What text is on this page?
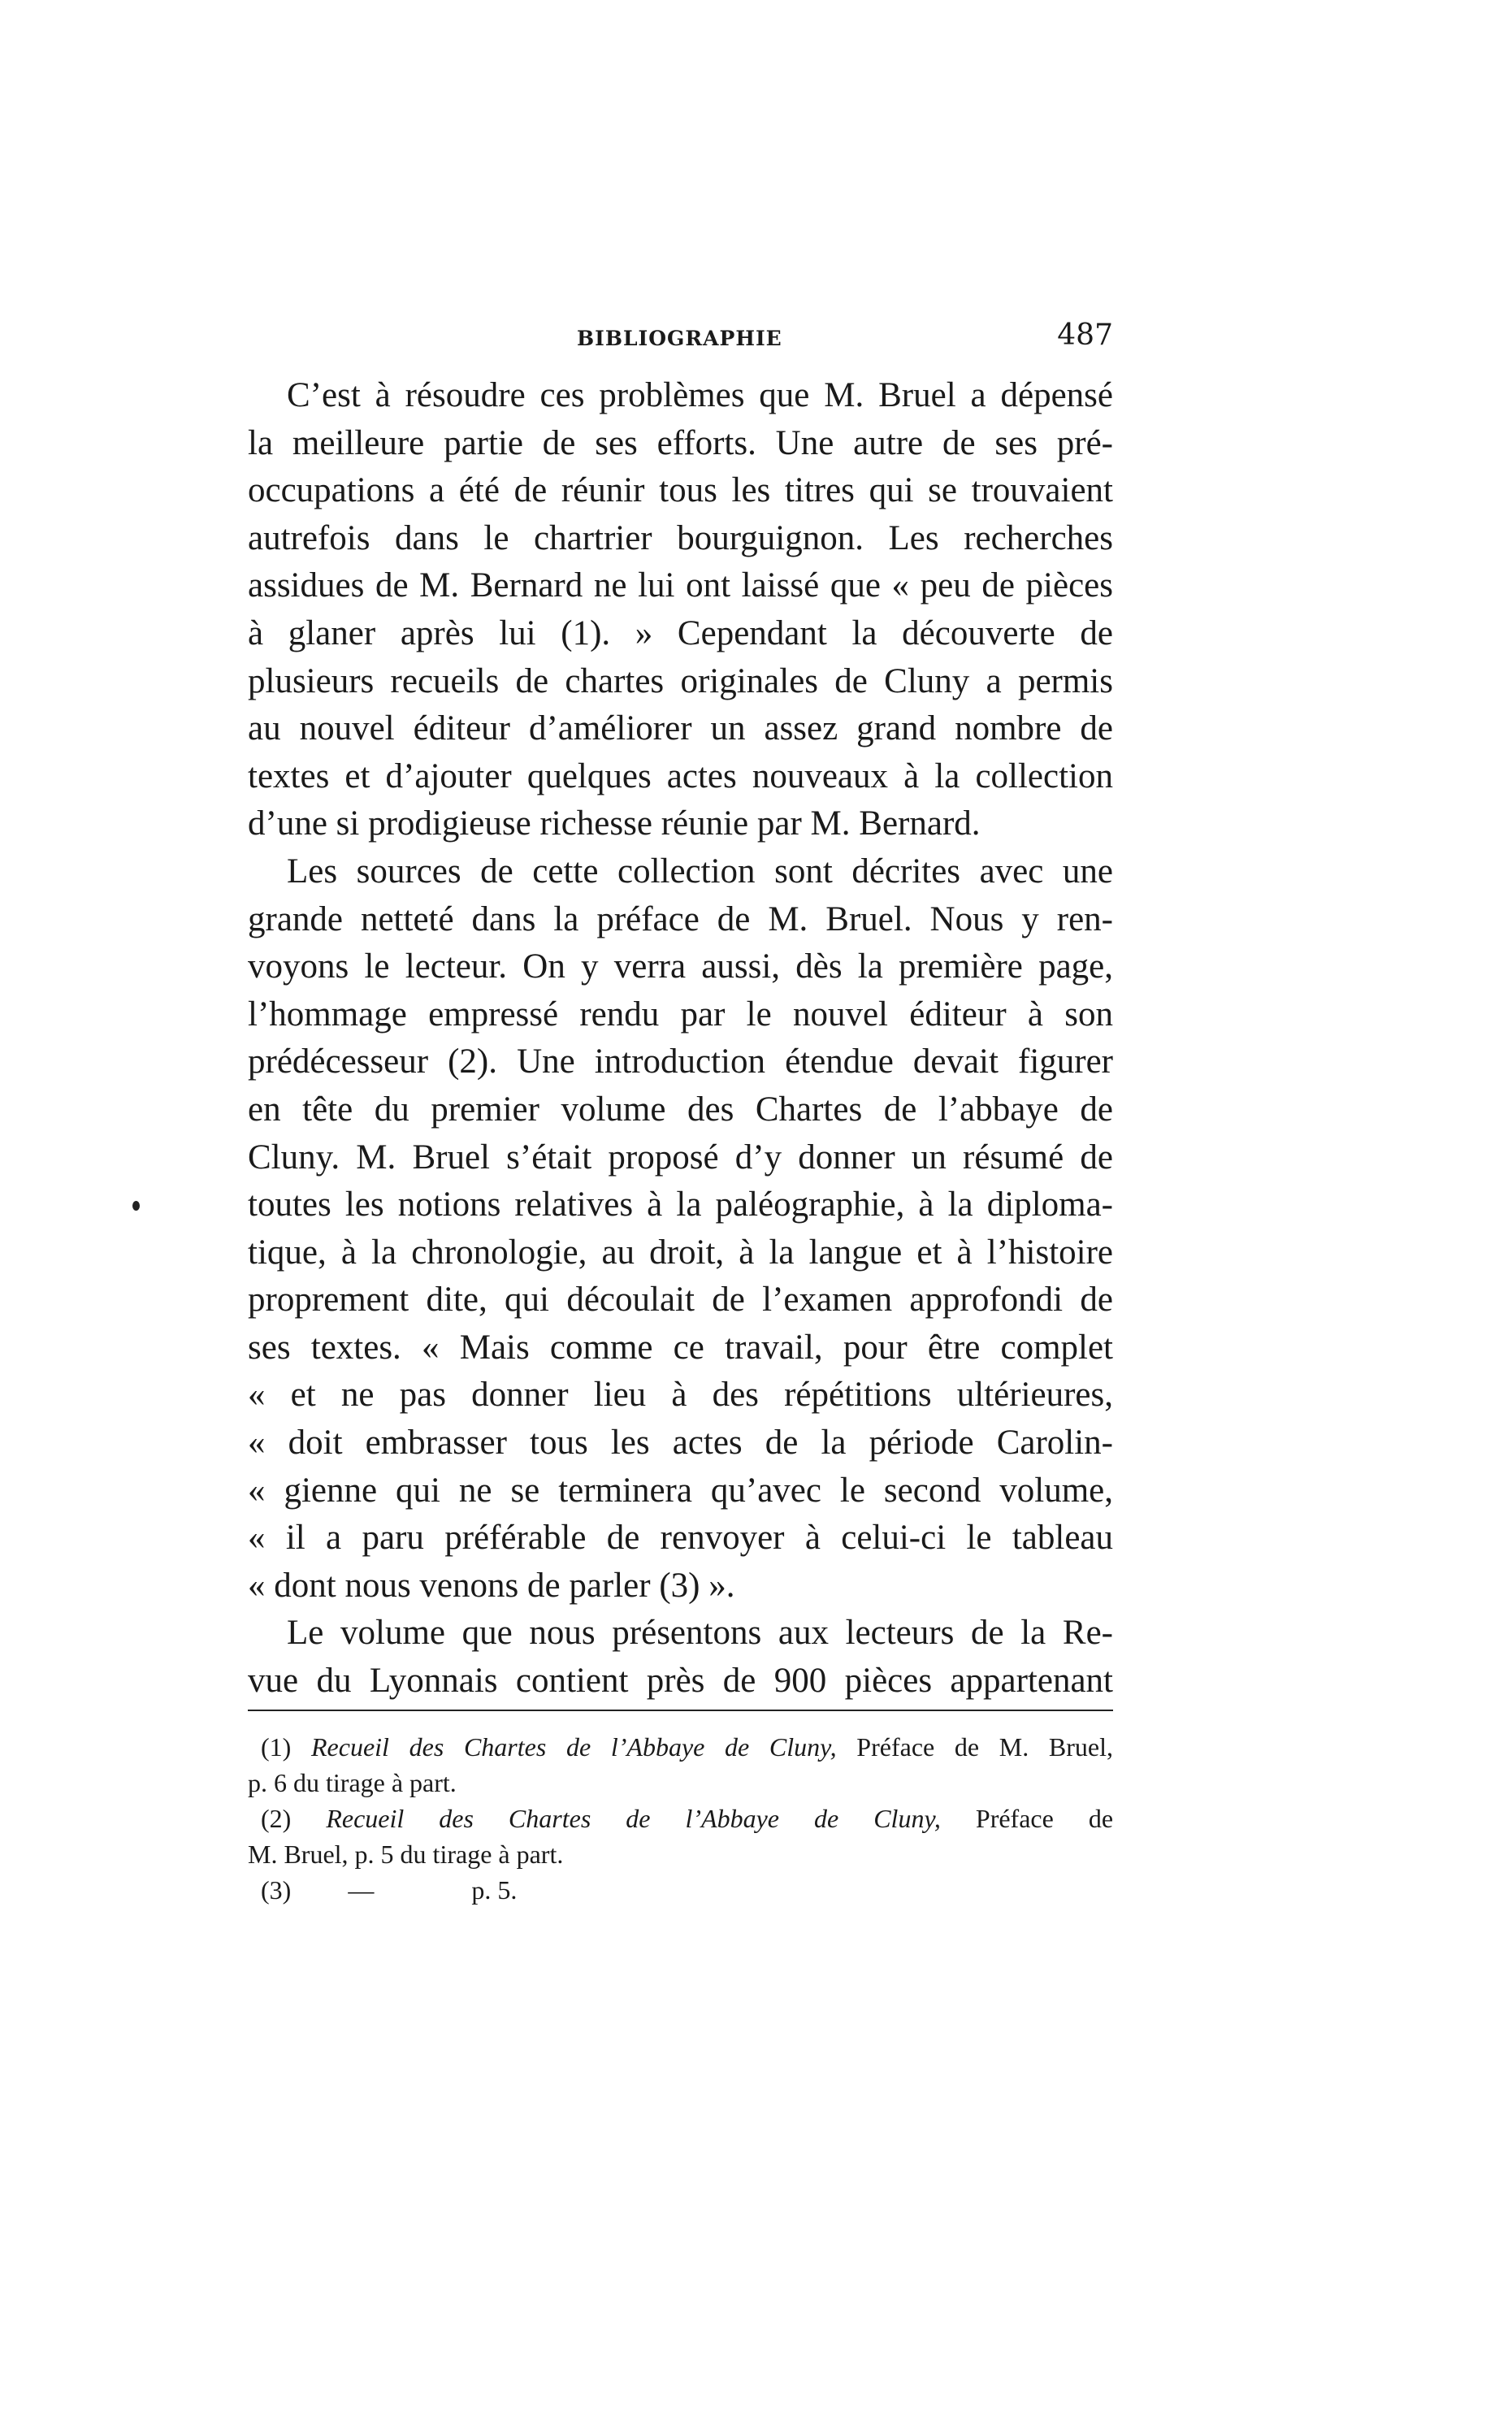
BIBLIOGRAPHIE	487
C’est à résoudre ces problèmes que M. Bruel a dépensé
la meilleure partie de ses efforts. Une autre de ses pré-
occupations a été de réunir tous les titres qui se trouvaient
autrefois dans le chartrier bourguignon. Les recherches
assidues de M. Bernard ne lui ont laissé que « peu de pièces
à glaner après lui (1). » Cependant la découverte de
plusieurs recueils de chartes originales de Cluny a permis
au nouvel éditeur d’améliorer un assez grand nombre de
textes et d’ajouter quelques actes nouveaux à la collection
d’une si prodigieuse richesse réunie par M. Bernard.
Les sources de cette collection sont décrites avec une
grande netteté dans la préface de M. Bruel. Nous y ren-
voyons le lecteur. On y verra aussi, dès la première page,
l’hommage empressé rendu par le nouvel éditeur à son
prédécesseur (2). Une introduction étendue devait figurer
en tête du premier volume des Chartes de l’abbaye de
Cluny. M. Bruel s’était proposé d’y donner un résumé de
toutes les notions relatives à la paléographie, à la diploma-
tique, à la chronologie, au droit, à la langue et à l’histoire
proprement dite, qui découlait de l’examen approfondi de
ses textes. « Mais comme ce travail, pour être complet
« et ne pas donner lieu à des répétitions ultérieures,
« doit embrasser tous les actes de la période Carolin-
« gienne qui ne se terminera qu’avec le second volume,
« il a paru préférable de renvoyer à celui-ci le tableau
« dont nous venons de parler (3) ».
Le volume que nous présentons aux lecteurs de la Re-
vue du Lyonnais contient près de 900 pièces appartenant
(1) Recueil des Chartes de l’Abbaye de Cluny, Préface de M. Bruel,
p. 6 du tirage à part.
(2) Recueil des Chartes de l’Abbaye de Cluny, Préface de
M. Bruel, p. 5 du tirage à part.
(3) —	p. 5.
